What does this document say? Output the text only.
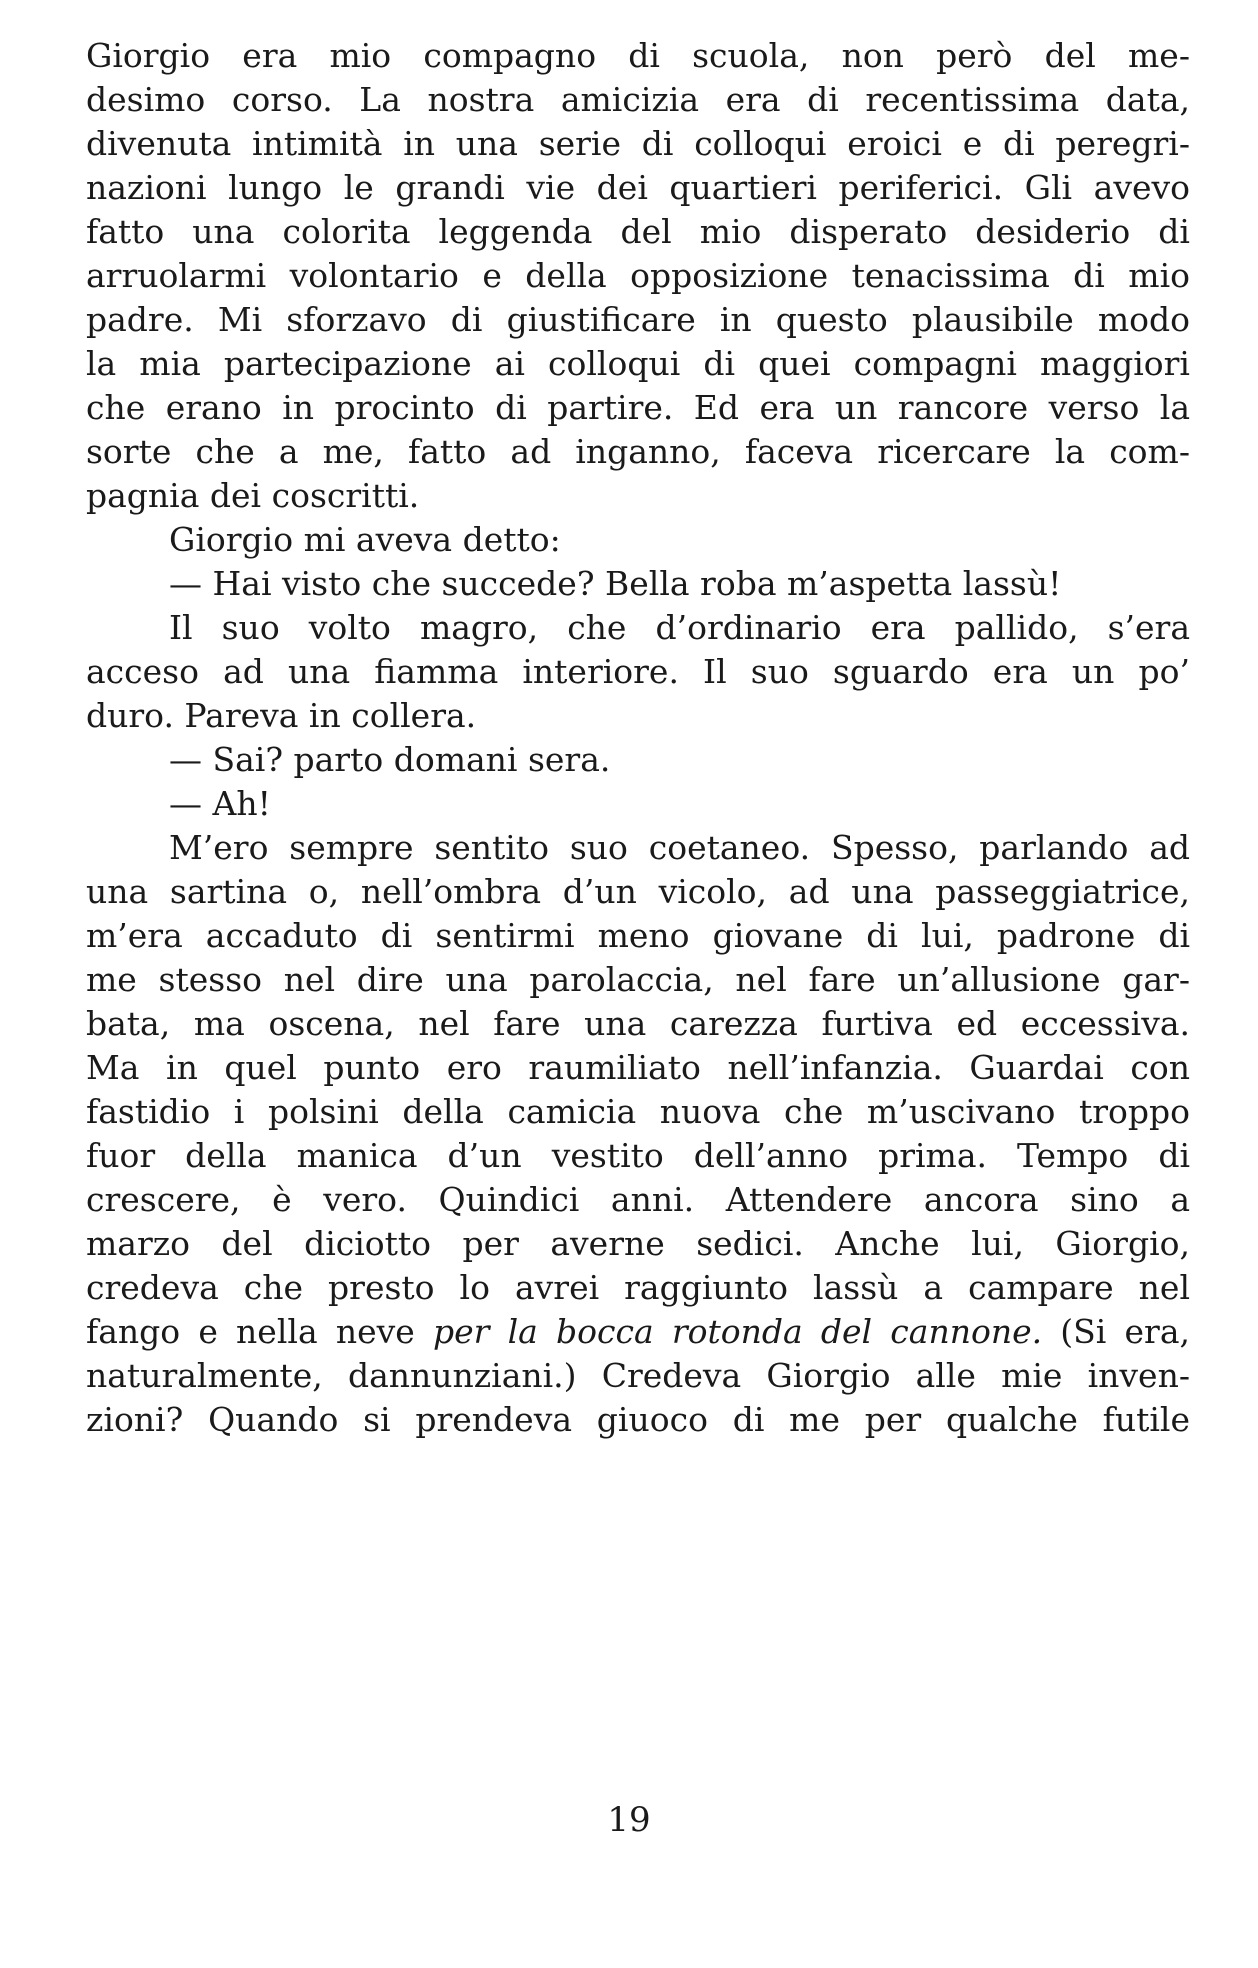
Giorgio era mio compagno di scuola, non però del me-
desimo corso. La nostra amicizia era di recentissima data,
divenuta intimità in una serie di colloqui eroici e di peregri-
nazioni lungo le grandi vie dei quartieri periferici. Gli avevo
fatto una colorita leggenda del mio disperato desiderio di
arruolarmi volontario e della opposizione tenacissima di mio
padre. Mi sforzavo di giustificare in questo plausibile modo
la mia partecipazione ai colloqui di quei compagni maggiori
che erano in procinto di partire. Ed era un rancore verso la
sorte che a me, fatto ad inganno, faceva ricercare la com-
pagnia dei coscritti.
Giorgio mi aveva detto:
— Hai visto che succede? Bella roba m’aspetta lassù!
Il suo volto magro, che d’ordinario era pallido, s’era
acceso ad una fiamma interiore. Il suo sguardo era un po’
duro. Pareva in collera.
— Sai? parto domani sera.
— Ah!
M’ero sempre sentito suo coetaneo. Spesso, parlando ad
una sartina o, nell’ombra d’un vicolo, ad una passeggiatrice,
m’era accaduto di sentirmi meno giovane di lui, padrone di
me stesso nel dire una parolaccia, nel fare un’allusione gar-
bata, ma oscena, nel fare una carezza furtiva ed eccessiva.
Ma in quel punto ero raumiliato nell’infanzia. Guardai con
fastidio i polsini della camicia nuova che m’uscivano troppo
fuor della manica d’un vestito dell’anno prima. Tempo di
crescere, è vero. Quindici anni. Attendere ancora sino a
marzo del diciotto per averne sedici. Anche lui, Giorgio,
credeva che presto lo avrei raggiunto lassù a campare nel
fango e nella neve per la bocca rotonda del cannone. (Si era,
naturalmente, dannunziani.) Credeva Giorgio alle mie inven-
zioni? Quando si prendeva giuoco di me per qualche futile
19
